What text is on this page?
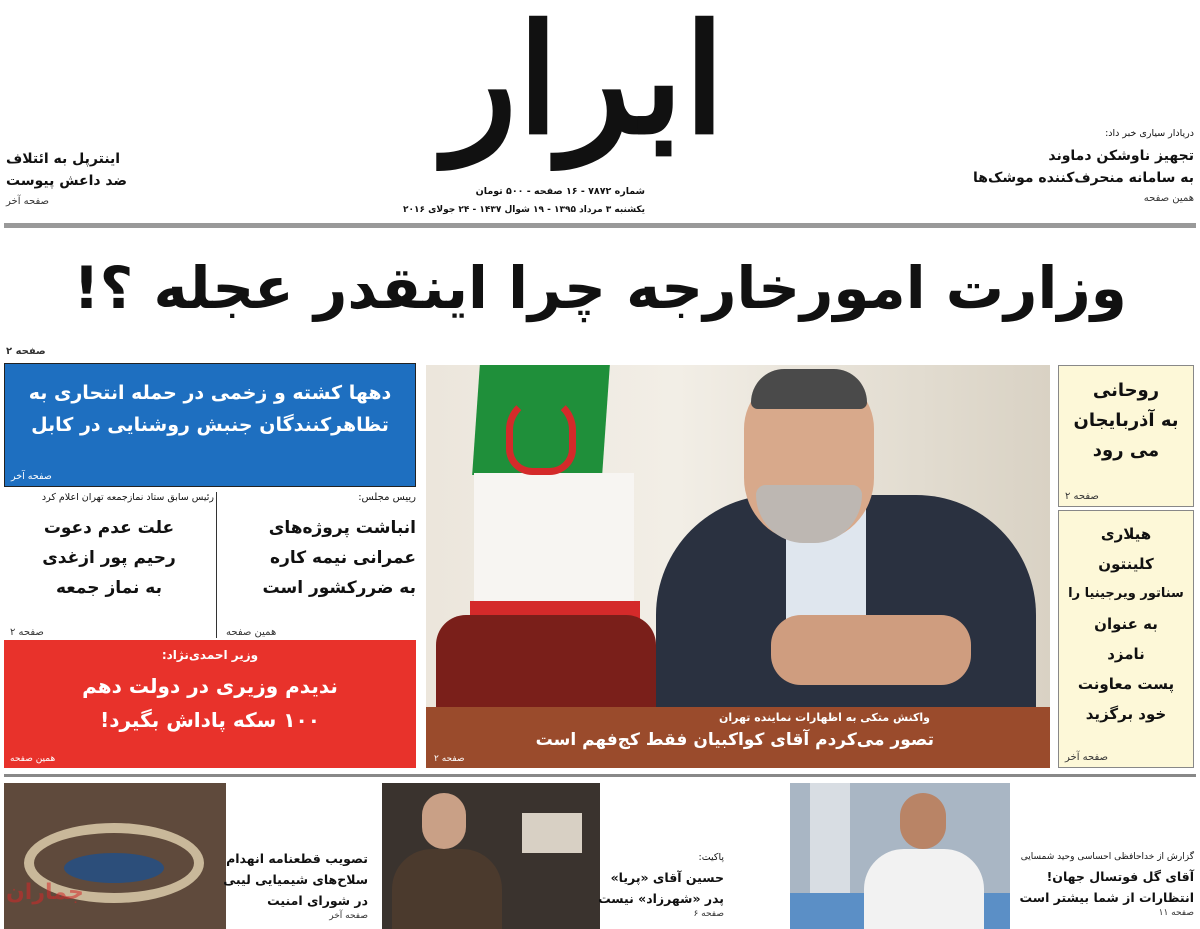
ابرار
شماره ۷۸۷۲ - ۱۶ صفحه - ۵۰۰ تومان
یکشنبه ۳ مرداد ۱۳۹۵ - ۱۹ شوال ۱۴۳۷ - ۲۴ جولای ۲۰۱۶
دریادار سیاری خبر داد:
تجهیز ناوشکن دماوند
به سامانه منحرف‌کننده موشک‌ها
همین صفحه
اینترپل به ائتلاف
ضد داعش پیوست
صفحه آخر
وزارت امورخارجه چرا اینقدر عجله ؟!
صفحه ۲
دهها کشته و زخمی در حمله انتحاری به
تظاهرکنندگان جنبش روشنایی در کابل
صفحه آخر
رییس مجلس:
انباشت پروژه‌های
عمرانی نیمه کاره
به ضررکشور است
همین صفحه
رئیس سابق ستاد نمازجمعه تهران اعلام کرد
علت عدم دعوت
رحیم پور ازغدی
به نماز جمعه
صفحه ۲
وزیر احمدی‌نژاد:
ندیدم وزیری در دولت دهم
۱۰۰ سکه پاداش بگیرد!
همین صفحه
واکنش متکی به اظهارات نماینده تهران
تصور می‌کردم آقای کواکبیان فقط کج‌فهم است
صفحه ۲
روحانی
به آذربایجان
می رود
صفحه ۲
هیلاری
کلینتون
سناتور ویرجینیا را
به عنوان
نامزد
پست معاونت
خود برگزید
صفحه آخر
جماران
تصویب قطعنامه انهدام
سلاح‌های شیمیایی لیبی
در شورای امنیت
صفحه آخر
پاکیت:
حسین آقای «پریا»
پدر «شهرزاد» نیست
صفحه ۶
گزارش از خداحافظی احساسی وحید شمسایی
آقای گل فوتسال جهان!
انتظارات از شما بیشتر است
صفحه ۱۱
